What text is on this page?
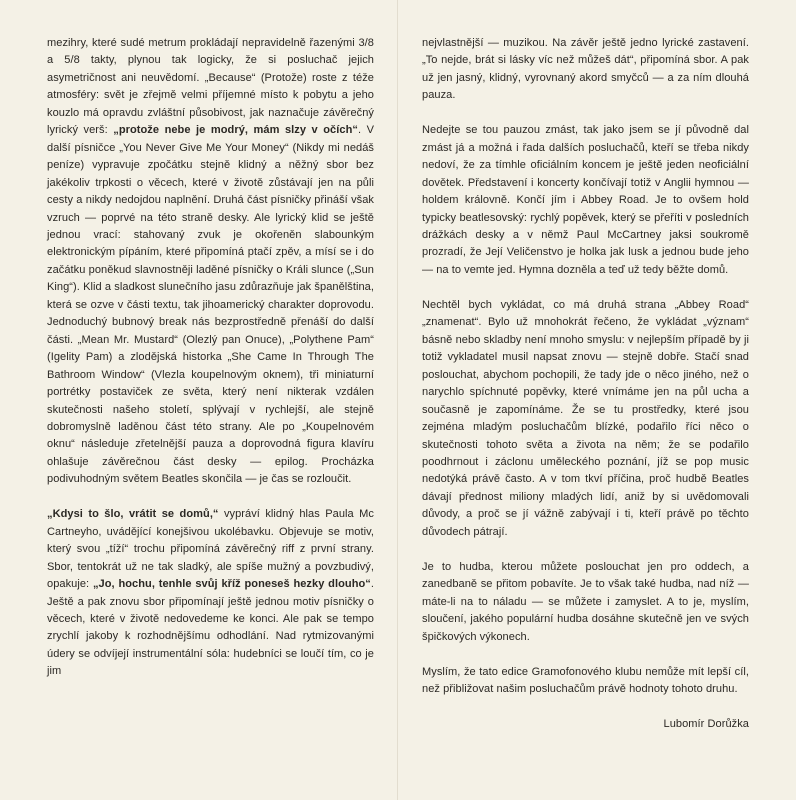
mezihry, které sudé metrum prokládají nepravidelně řazenými 3/8 a 5/8 takty, plynou tak logicky, že si posluchač jejich asymetričnost ani neuvědomí. „Because“ (Protože) roste z téže atmosféry: svět je zřejmě velmi příjemné místo k pobytu a jeho kouzlo má opravdu zvláštní působivost, jak naznačuje závěrečný lyrický verš: „protože nebe je modrý, mám slzy v očích“. V další písničce „You Never Give Me Your Money“ (Nikdy mi nedáš peníze) vypravuje zpočátku stejně klidný a něžný sbor bez jakékoliv trpkosti o věcech, které v životě zůstávají jen na půli cesty a nikdy nedojdou naplnění. Druhá část písničky přináší však vzruch — poprvé na této straně desky. Ale lyrický klid se ještě jednou vrací: stahovaný zvuk je okořeněn slabounkým elektronickým pípáním, které připomíná ptačí zpěv, a mísí se i do začátku poněkud slavnostněji laděné písničky o Králi slunce („Sun King“). Klid a sladkost slunečního jasu zdůrazňuje jak španělština, která se ozve v části textu, tak jihoamerický charakter doprovodu. Jednoduchý bubnový break nás bezprostředně přenáší do další části. „Mean Mr. Mustard“ (Olezlý pan Onuce), „Polythene Pam“ (Igelity Pam) a zlodějská historka „She Came In Through The Bathroom Window“ (Vlezla koupelnovým oknem), tři miniaturní portrétky postaviček ze světa, který není nikterak vzdálen skutečnosti našeho století, splývají v rychlejší, ale stejně dobromyslně laděnou část této strany. Ale po „Koupelnovém oknu“ následuje zřetelnější pauza a doprovodná figura klavíru ohlašuje závěrečnou část desky — epilog. Procházka podivuhodným světem Beatles skončila — je čas se rozloučit.

„Kdysi to šlo, vrátit se domů,“ vypráví klidný hlas Paula Mc Cartneyho, uvádějící konejšivou ukolébavku. Objevuje se motiv, který svou „tíží“ trochu připomíná závěrečný riff z první strany. Sbor, tentokrát už ne tak sladký, ale spíše mužný a povzbudivý, opakuje: „Jo, hochu, tenhle svůj kříž poneseš hezky dlouho“. Ještě a pak znovu sbor připomínají ještě jednou motiv písničky o věcech, které v životě nedovedeme ke konci. Ale pak se tempo zrychlí jakoby k rozhodnějšímu odhodlání. Nad rytmizovanými údery se odvíjejí instrumentální sóla: hudebníci se loučí tím, co je jim

nejvlastnější — muzikou. Na závěr ještě jedno lyrické zastavení. „To nejde, brát si lásky víc než můžeš dát“, připomíná sbor. A pak už jen jasný, klidný, vyrovnaný akord smyčců — a za ním dlouhá pauza.

Nedejte se tou pauzou zmást, tak jako jsem se jí původně dal zmást já a možná i řada dalších posluchačů, kteří se třeba nikdy nedoví, že za tímhle oficiálním koncem je ještě jeden neoficiální dovětek. Představení i koncerty končívají totiž v Anglii hymnou — holdem královně. Končí jím i Abbey Road. Je to ovšem hold typicky beatlesovský: rychlý popěvek, který se přeříti v posledních drážkách desky a v němž Paul McCartney jaksi soukromě prozradí, že Její Veličenstvo je holka jak lusk a jednou bude jeho — na to vemte jed. Hymna dozněla a teď už tedy běžte domů.

Nechtěl bych vykládat, co má druhá strana „Abbey Road“ „znamenat“. Bylo už mnohokrát řečeno, že vykládat „význam“ básně nebo skladby není mnoho smyslu: v nejlepším případě by ji totiž vykladatel musil napsat znovu — stejně dobře. Stačí snad poslouchat, abychom pochopili, že tady jde o něco jiného, než o narychlo spíchnuté popěvky, které vnímáme jen na půl ucha a současně je zapomínáme. Že se tu prostředky, které jsou zejména mladým posluchačům blízké, podařilo říci něco o skutečnosti tohoto světa a života na něm; že se podařilo poodhrnout i záclonu uměleckého poznání, jíž se pop music nedotýká právě často. A v tom tkví příčina, proč hudbě Beatles dávají přednost miliony mladých lidí, aniž by si uvědomovali důvody, a proč se jí vážně zabývají i ti, kteří právě po těchto důvodech pátrají.

Je to hudba, kterou můžete poslouchat jen pro oddech, a zanedbaně se přitom pobavíte. Je to však také hudba, nad níž — máte-li na to náladu — se můžete i zamyslet. A to je, myslím, sloučení, jakého populární hudba dosáhne skutečně jen ve svých špičkových výkonech.

Myslím, že tato edice Gramofonového klubu nemůže mít lepší cíl, než přibližovat našim posluchačům právě hodnoty tohoto druhu.

Lubomír Dorůžka
